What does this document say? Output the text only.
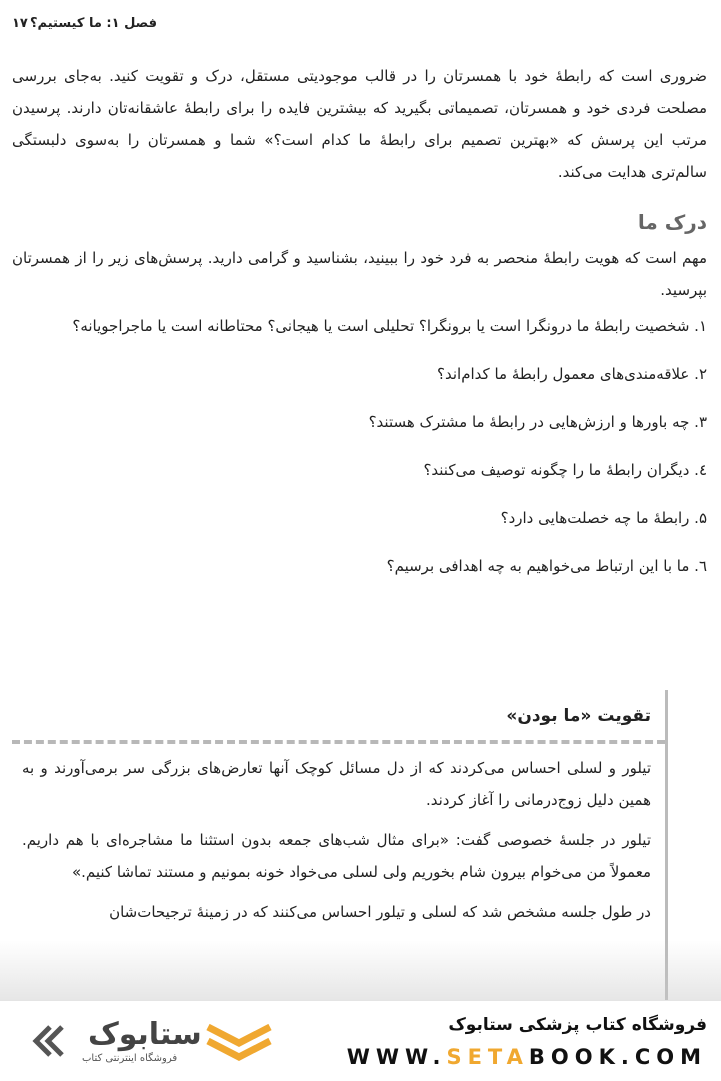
۱۷ فصل ۱: ما کیستیم؟

ضروری است که رابطهٔ خود با همسرتان را در قالب موجودیتی مستقل، درک و تقویت کنید. به‌جای بررسی مصلحت فردی خود و همسرتان، تصمیماتی بگیرید که بیشترین فایده را برای رابطهٔ عاشقانه‌تان دارند. پرسیدن مرتب این پرسش که «بهترین تصمیم برای رابطهٔ ما کدام است؟» شما و همسرتان را به‌سوی دلبستگی سالم‌تری هدایت می‌کند.

درک ما

مهم است که هویت رابطهٔ منحصر به فرد خود را ببینید، بشناسید و گرامی دارید. پرسش‌های زیر را از همسرتان بپرسید.

۱. شخصیت رابطهٔ ما درونگرا است یا برونگرا؟ تحلیلی است یا هیجانی؟ محتاطانه است یا ماجراجویانه؟
۲. علاقه‌مندی‌های معمول رابطهٔ ما کدام‌اند؟
۳. چه باورها و ارزش‌هایی در رابطهٔ ما مشترک هستند؟
٤. دیگران رابطهٔ ما را چگونه توصیف می‌کنند؟
۵. رابطهٔ ما چه خصلت‌هایی دارد؟
٦. ما با این ارتباط می‌خواهیم به چه اهدافی برسیم؟
تقویت «ما بودن»

تیلور و لسلی احساس می‌کردند که از دل مسائل کوچک آنها تعارض‌های بزرگی سر برمی‌آورند و به همین دلیل زوج‌درمانی را آغاز کردند.

تیلور در جلسهٔ خصوصی گفت: «برای مثال شب‌های جمعه بدون استثنا ما مشاجره‌ای با هم داریم. معمولاً من می‌خوام بیرون شام بخوریم ولی لسلی می‌خواد خونه بمونیم و مستند تماشا کنیم.»

در طول جلسه مشخص شد که لسلی و تیلور احساس می‌کنند که در زمینهٔ ترجیحات‌شان

ستابوک
فروشگاه اینترنتی کتاب
فروشگاه کتاب پزشکی ستابوک
WWW.SETABOOK.COM
